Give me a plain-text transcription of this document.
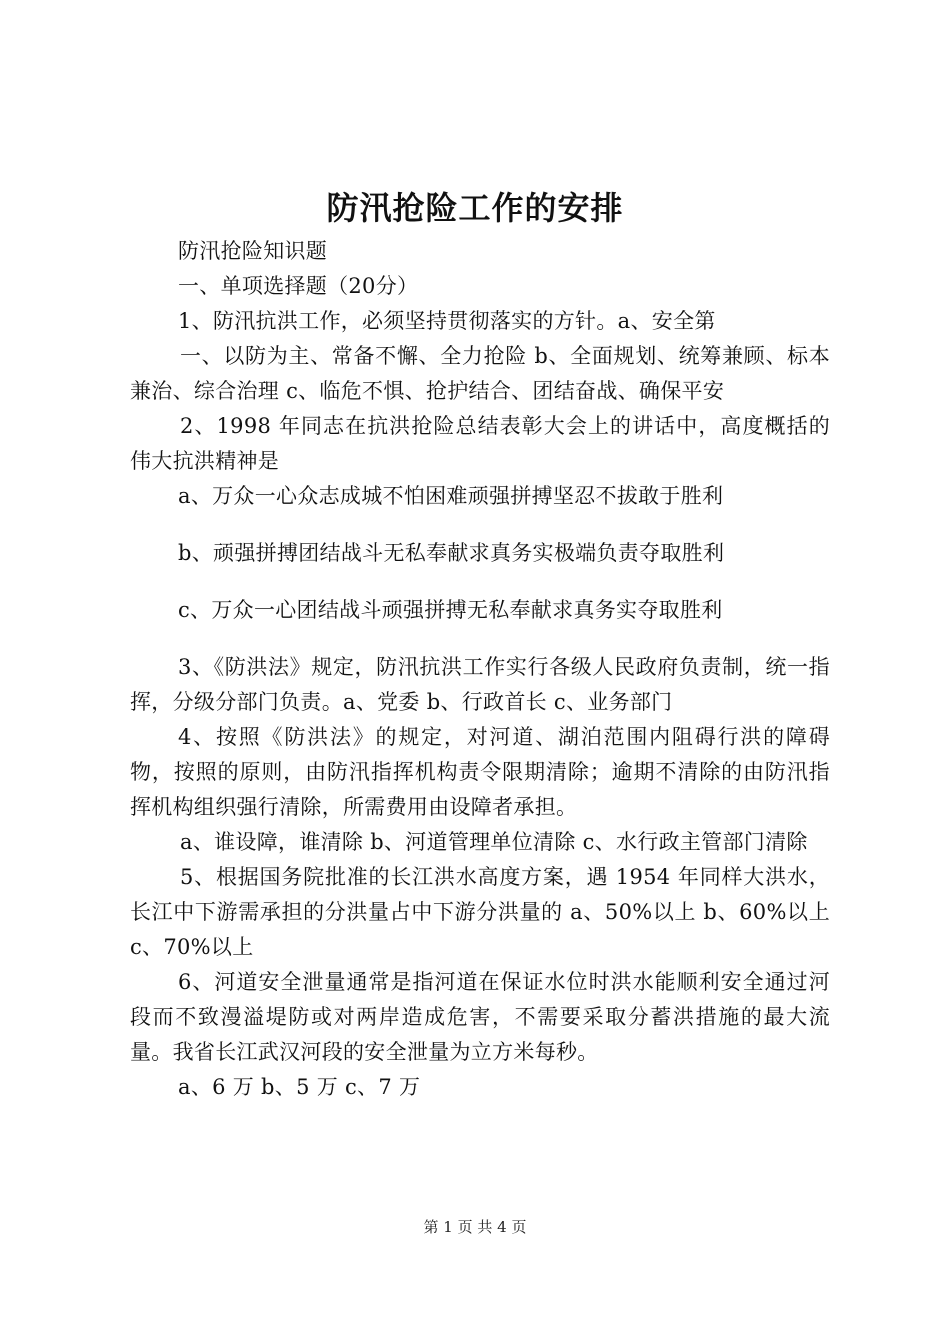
防汛抢险工作的安排

防汛抢险知识题

一、单项选择题（20分）

1、防汛抗洪工作，必须坚持贯彻落实的方针。a、安全第

一、以防为主、常备不懈、全力抢险 b、全面规划、统筹兼顾、标本兼治、综合治理 c、临危不惧、抢护结合、团结奋战、确保平安

2、1998 年同志在抗洪抢险总结表彰大会上的讲话中，高度概括的伟大抗洪精神是

a、万众一心众志成城不怕困难顽强拼搏坚忍不拔敢于胜利

b、顽强拼搏团结战斗无私奉献求真务实极端负责夺取胜利

c、万众一心团结战斗顽强拼搏无私奉献求真务实夺取胜利

3、《防洪法》规定，防汛抗洪工作实行各级人民政府负责制，统一指挥，分级分部门负责。a、党委 b、行政首长 c、业务部门

4、按照《防洪法》的规定，对河道、湖泊范围内阻碍行洪的障碍物，按照的原则，由防汛指挥机构责令限期清除；逾期不清除的由防汛指挥机构组织强行清除，所需费用由设障者承担。

a、谁设障，谁清除 b、河道管理单位清除 c、水行政主管部门清除

5、根据国务院批准的长江洪水高度方案，遇 1954 年同样大洪水，长江中下游需承担的分洪量占中下游分洪量的 a、50%以上 b、60%以上 c、70%以上

6、河道安全泄量通常是指河道在保证水位时洪水能顺利安全通过河段而不致漫溢堤防或对两岸造成危害，不需要采取分蓄洪措施的最大流量。我省长江武汉河段的安全泄量为立方米每秒。

a、6 万 b、5 万 c、7 万

第 1 页 共 4 页
